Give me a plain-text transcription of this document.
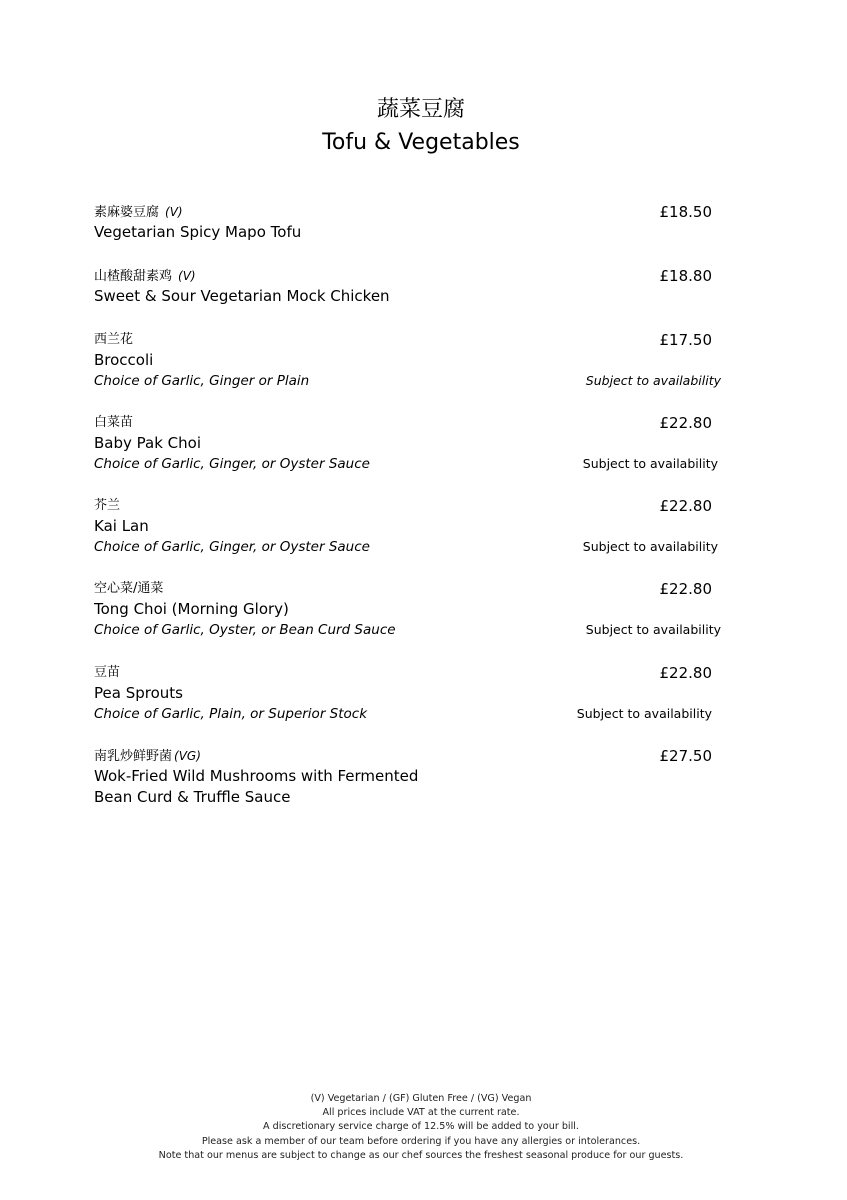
蔬菜豆腐
Tofu & Vegetables
素麻婆豆腐 (V)
Vegetarian Spicy Mapo Tofu
£18.50
山楂酸甜素鸡 (V)
Sweet & Sour Vegetarian Mock Chicken
£18.80
西兰花
Broccoli
Choice of Garlic, Ginger or Plain
£17.50
Subject to availability
白菜苗
Baby Pak Choi
Choice of Garlic, Ginger, or Oyster Sauce
£22.80
Subject to availability
芥兰
Kai Lan
Choice of Garlic, Ginger, or Oyster Sauce
£22.80
Subject to availability
空心菜/通菜
Tong Choi (Morning Glory)
Choice of Garlic, Oyster, or Bean Curd Sauce
£22.80
Subject to availability
豆苗
Pea Sprouts
Choice of Garlic, Plain, or Superior Stock
£22.80
Subject to availability
南乳炒鲜野菌 (VG)
Wok-Fried Wild Mushrooms with Fermented
Bean Curd & Truffle Sauce
£27.50
(V) Vegetarian / (GF) Gluten Free / (VG) Vegan
All prices include VAT at the current rate.
A discretionary service charge of 12.5% will be added to your bill.
Please ask a member of our team before ordering if you have any allergies or intolerances.
Note that our menus are subject to change as our chef sources the freshest seasonal produce for our guests.
